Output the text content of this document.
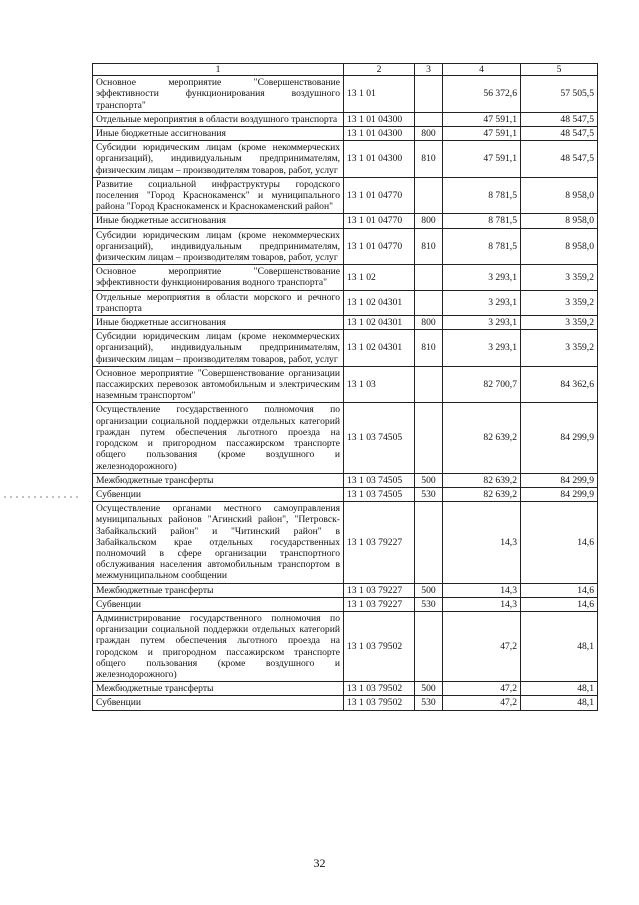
1	2	3	4	5
Основное мероприятие "Совершенствование эффективности функционирования воздушного транспорта"	13 1 01		56 372,6	57 505,5
Отдельные мероприятия в области воздушного транспорта	13 1 01 04300		47 591,1	48 547,5
Иные бюджетные ассигнования	13 1 01 04300	800	47 591,1	48 547,5
Субсидии юридическим лицам (кроме некоммерческих организаций), индивидуальным предпринимателям, физическим лицам – производителям товаров, работ, услуг	13 1 01 04300	810	47 591,1	48 547,5
Развитие социальной инфраструктуры городского поселения "Город Краснокаменск" и муниципального района "Город Краснокаменск и Краснокаменский район"	13 1 01 04770		8 781,5	8 958,0
Иные бюджетные ассигнования	13 1 01 04770	800	8 781,5	8 958,0
Субсидии юридическим лицам (кроме некоммерческих организаций), индивидуальным предпринимателям, физическим лицам – производителям товаров, работ, услуг	13 1 01 04770	810	8 781,5	8 958,0
Основное мероприятие "Совершенствование эффективности функционирования водного транспорта"	13 1 02		3 293,1	3 359,2
Отдельные мероприятия в области морского и речного транспорта	13 1 02 04301		3 293,1	3 359,2
Иные бюджетные ассигнования	13 1 02 04301	800	3 293,1	3 359,2
Субсидии юридическим лицам (кроме некоммерческих организаций), индивидуальным предпринимателям, физическим лицам – производителям товаров, работ, услуг	13 1 02 04301	810	3 293,1	3 359,2
Основное мероприятие "Совершенствование организации пассажирских перевозок автомобильным и электрическим наземным транспортом"	13 1 03		82 700,7	84 362,6
Осуществление государственного полномочия по организации социальной поддержки отдельных категорий граждан путем обеспечения льготного проезда на городском и пригородном пассажирском транспорте общего пользования (кроме воздушного и железнодорожного)	13 1 03 74505		82 639,2	84 299,9
Межбюджетные трансферты	13 1 03 74505	500	82 639,2	84 299,9
Субвенции	13 1 03 74505	530	82 639,2	84 299,9
Осуществление органами местного самоуправления муниципальных районов "Агинский район", "Петровск-Забайкальский район" и "Читинский район" в Забайкальском крае отдельных государственных полномочий в сфере организации транспортного обслуживания населения автомобильным транспортом в межмуниципальном сообщении	13 1 03 79227		14,3	14,6
Межбюджетные трансферты	13 1 03 79227	500	14,3	14,6
Субвенции	13 1 03 79227	530	14,3	14,6
Администрирование государственного полномочия по организации социальной поддержки отдельных категорий граждан путем обеспечения льготного проезда на городском и пригородном пассажирском транспорте общего пользования (кроме воздушного и железнодорожного)	13 1 03 79502		47,2	48,1
Межбюджетные трансферты	13 1 03 79502	500	47,2	48,1
Субвенции	13 1 03 79502	530	47,2	48,1
32
